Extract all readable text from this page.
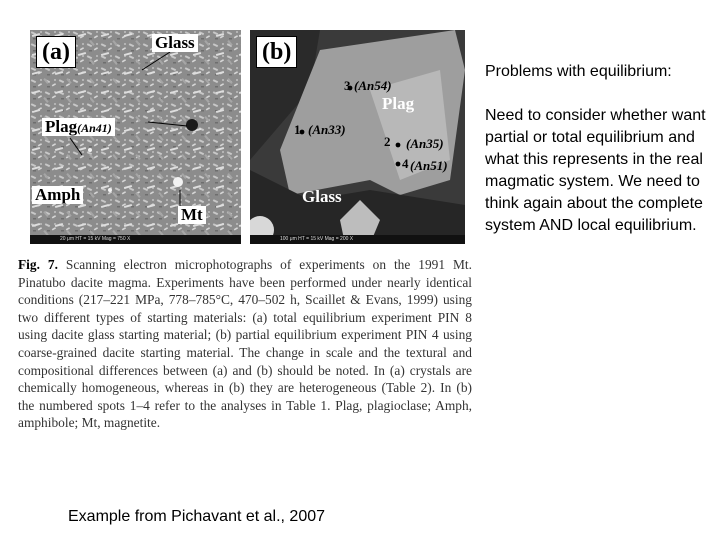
(a)	Glass
Plag(An41)
Amph
Mt
20 μm HT = 15 kV Mag = 750 X
(b)
Plag
Glass
3 (An54)
1 (An33)
2 (An35)
4 (An51)
100 μm HT = 15 kV Mag = 200 X
Fig. 7. Scanning electron microphotographs of experiments on the 1991 Mt. Pinatubo dacite magma. Experiments have been performed under nearly identical conditions (217–221 MPa, 778–785°C, 470–502 h, Scaillet & Evans, 1999) using two different types of starting materials: (a) total equilibrium experiment PIN 8 using dacite glass starting material; (b) partial equilibrium experiment PIN 4 using coarse-grained dacite starting material. The change in scale and the textural and compositional differences between (a) and (b) should be noted. In (a) crystals are chemically homogeneous, whereas in (b) they are heterogeneous (Table 2). In (b) the numbered spots 1–4 refer to the analyses in Table 1. Plag, plagioclase; Amph, amphibole; Mt, magnetite.
Example from Pichavant et al., 2007
Problems with equilibrium:
Need to consider whether want partial or total equilibrium and what this represents in the real magmatic system. We need to think again about the complete system AND local equilibrium.
